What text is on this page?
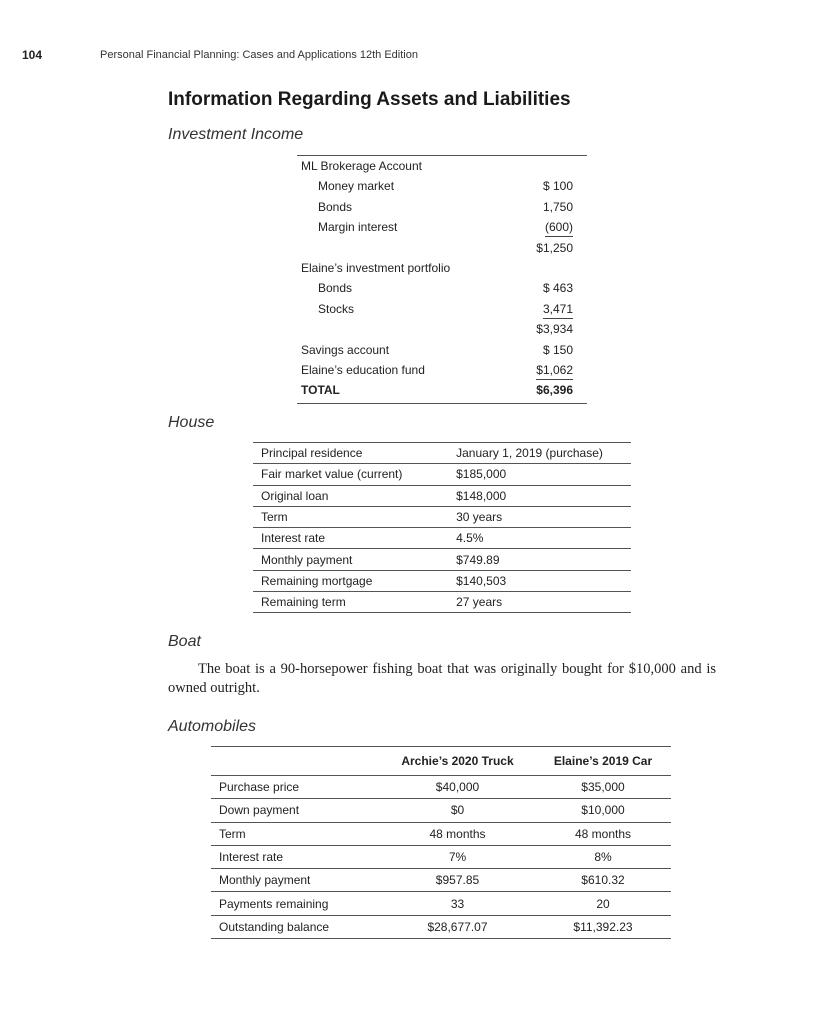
104	Personal Financial Planning: Cases and Applications 12th Edition
Information Regarding Assets and Liabilities
Investment Income
ML Brokerage Account
Money market	$ 100
Bonds	1,750
Margin interest	(600)
$1,250
Elaine’s investment portfolio
Bonds	$ 463
Stocks	3,471
$3,934
Savings account	$ 150
Elaine’s education fund	$1,062
TOTAL	$6,396
House
Principal residence	January 1, 2019 (purchase)
Fair market value (current)	$185,000
Original loan	$148,000
Term	30 years
Interest rate	4.5%
Monthly payment	$749.89
Remaining mortgage	$140,503
Remaining term	27 years
Boat
The boat is a 90-horsepower fishing boat that was originally bought for $10,000 and is owned outright.
Automobiles
	Archie’s 2020 Truck	Elaine’s 2019 Car
Purchase price	$40,000	$35,000
Down payment	$0	$10,000
Term	48 months	48 months
Interest rate	7%	8%
Monthly payment	$957.85	$610.32
Payments remaining	33	20
Outstanding balance	$28,677.07	$11,392.23
